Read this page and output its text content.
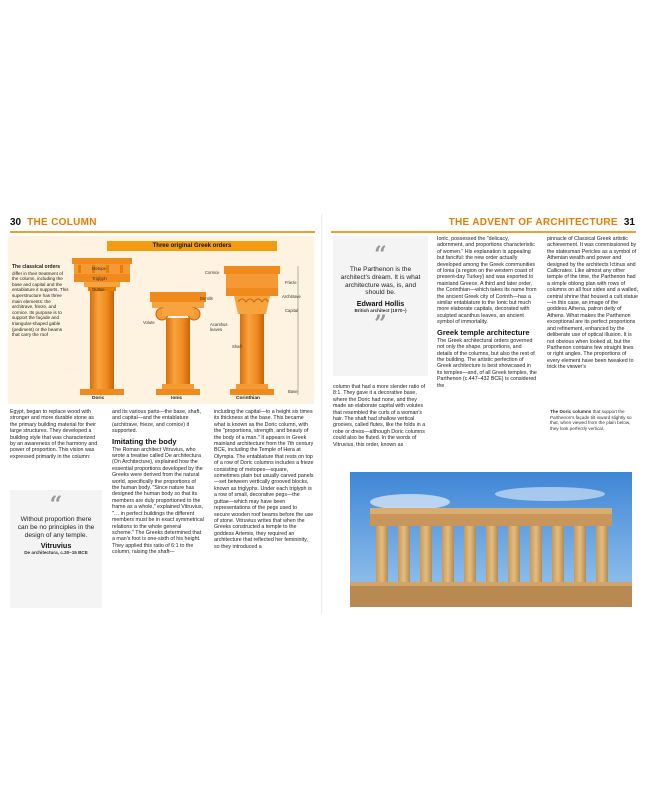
30 THE COLUMN
Three original Greek orders
The classical orders differ in their treatment of the column, including the base and capital and the entablature it supports. This superstructure has three main elements: the architrave, frieze, and cornice. Its purpose is to support the façade and triangular-shaped gable (pediment) or the beams that carry the roof
Metope
Triglyph
Guttae
Volute
Cornice
Dentils
Frieze
Architrave
Capital
Acanthus leaves
Shaft
Base
Doric	Ionic	Corinthian

Egypt, began to replace wood with stronger and more durable stone as the primary building material for their large structures. They developed a building style that was characterized by an awareness of the harmony and power of proportion. This vision was expressed primarily in the column:

“
Without proportion there can be no principles in the design of any temple.
Vitruvius
De architectura, c.30–15 BCE

and its various parts—the base, shaft, and capital—and the entablature (architrave, frieze, and cornice) it supported.

Imitating the body

The Roman architect Vitruvius, who wrote a treatise called De architectura (On Architecture), explained how the essential proportions developed by the Greeks were derived from the natural world, specifically the proportions of the human body. "Since nature has designed the human body so that its members are duly proportioned to the frame as a whole," explained Vitruvius, "… in perfect buildings the different members must be in exact symmetrical relations to the whole general scheme." The Greeks determined that a man's foot is one-sixth of his height. They applied this ratio of 6:1 to the column, raising the shaft—

including the capital—to a height six times its thickness at the base. This became what is known as the Doric column, with the "proportions, strength, and beauty of the body of a man." It appears in Greek mainland architecture from the 7th century BCE, including the Temple of Hera at Olympia. The entablature that rests on top of a row of Doric columns includes a frieze consisting of metopes—square, sometimes plain but usually carved panels—set between vertically grooved blocks, known as triglyphs. Under each triglyph is a row of small, decorative pegs—the guttae—which may have been representations of the pegs used to secure wooden roof beams before the use of stone. Vitruvius writes that when the Greeks constructed a temple to the goddess Artemis, they required an architecture that reflected her femininity, so they introduced a

THE ADVENT OF ARCHITECTURE 31
“
The Parthenon is the architect's dream. It is what architecture was, is, and should be.
Edward Hollis
British architect (1970–)
”

column that had a more slender ratio of 8:1. They gave it a decorative base, where the Doric had none, and they made an elaborate capital with volutes that resembled the curls of a woman's hair. The shaft had shallow vertical grooves, called flutes, like the folds in a robe or dress—although Doric columns could also be fluted. In the words of Vitruvius, this order, known as

Ionic, possessed the "delicacy, adornment, and proportions characteristic of women." His explanation is appealing but fanciful: the new order actually developed among the Greek communities of Ionia (a region on the western coast of present-day Turkey) and was exported to mainland Greece. A third and later order, the Corinthian—which takes its name from the ancient Greek city of Corinth—has a similar entablature to the Ionic but much more elaborate capitals, decorated with sculpted acanthus leaves, an ancient symbol of immortality.

Greek temple architecture

The Greek architectural orders governed not only the shape, proportions, and details of the columns, but also the rest of the building. The artistic perfection of Greek architecture is best showcased in its temples—and, of all Greek temples, the Parthenon (c.447–432 BCE) is considered the

pinnacle of Classical Greek artistic achievement. It was commissioned by the statesman Pericles as a symbol of Athenian wealth and power and designed by the architects Ictinus and Callicrates. Like almost any other temple of the time, the Parthenon had a simple oblong plan with rows of columns on all four sides and a walled, central shrine that housed a cult statue—in this case, an image of the goddess Athena, patron deity of Athens. What makes the Parthenon exceptional are its perfect proportions and refinement, enhanced by the deliberate use of optical illusion. It is not obvious when looked at, but the Parthenon contains few straight lines or right angles. The proportions of every element have been tweaked to trick the viewer's

The Doric columns that support the Parthenon's façade tilt inward slightly so that, when viewed from the plain below, they look perfectly vertical.
